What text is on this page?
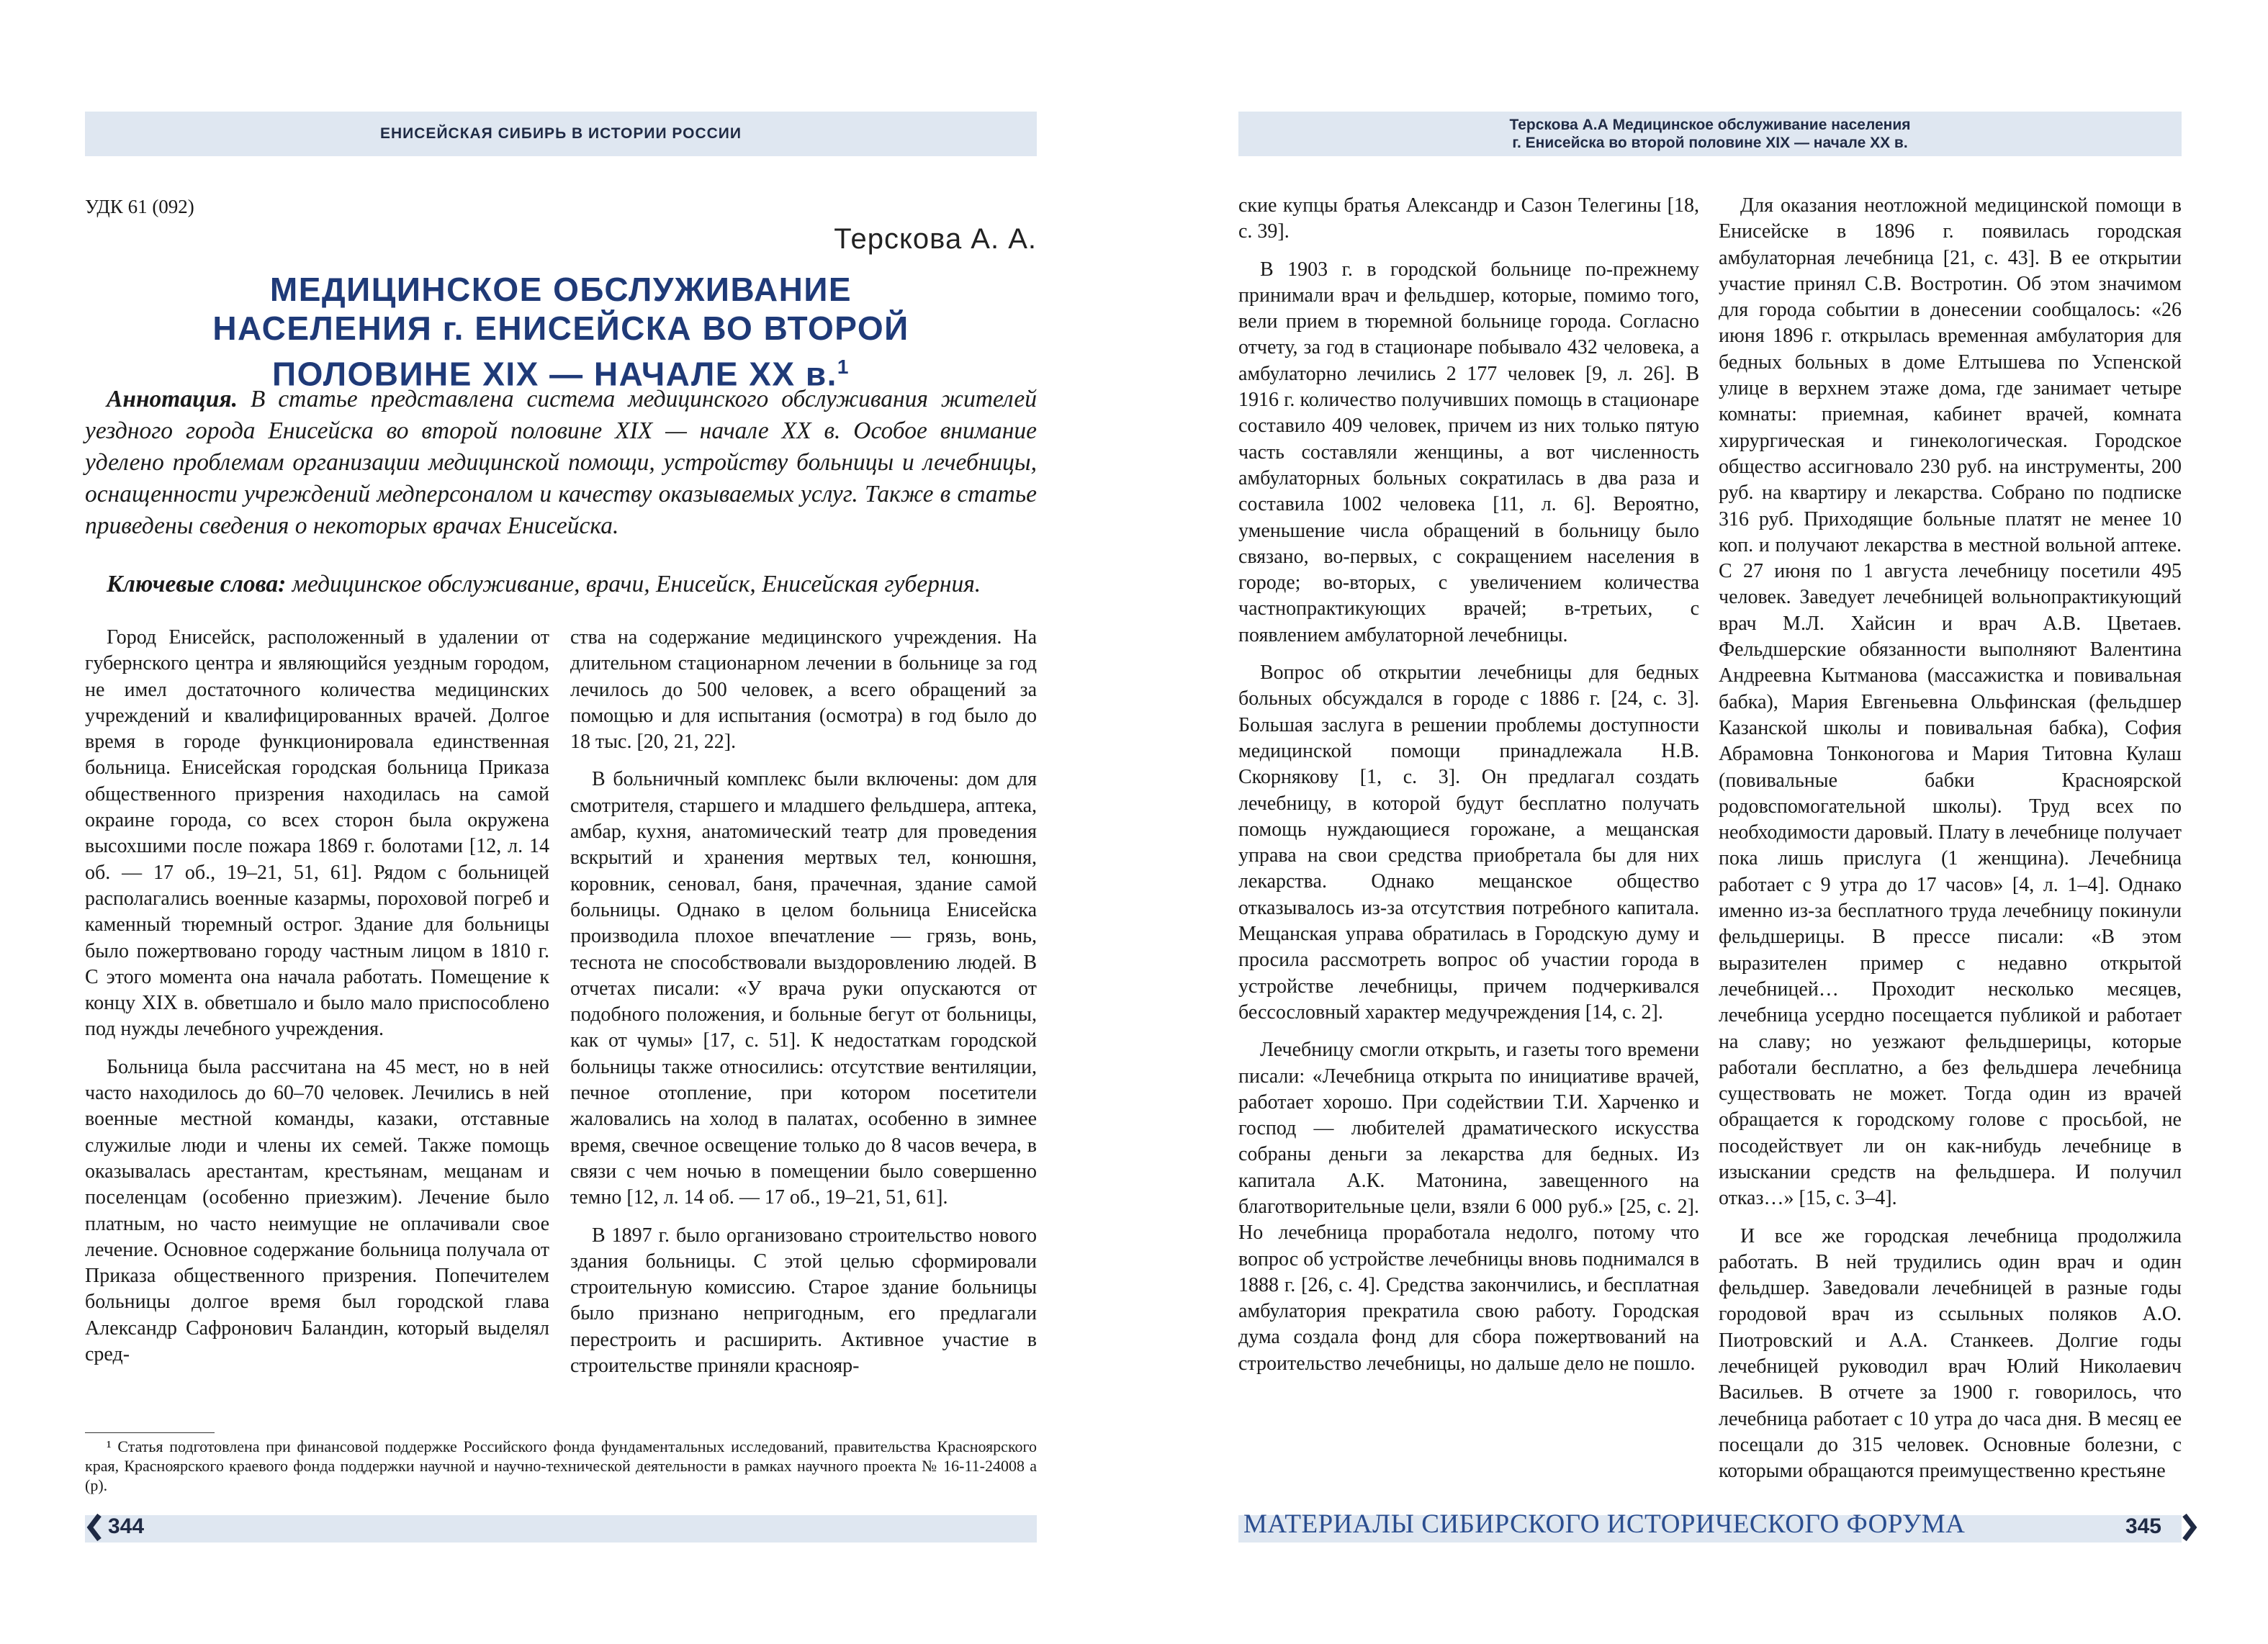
ЕНИСЕЙСКАЯ СИБИРЬ В ИСТОРИИ РОССИИ
УДК 61 (092)
Терскова А. А.
МЕДИЦИНСКОЕ ОБСЛУЖИВАНИЕ
НАСЕЛЕНИЯ г. ЕНИСЕЙСКА ВО ВТОРОЙ
ПОЛОВИНЕ XIX — НАЧАЛЕ XX в.$^1$
Аннотация. В статье представлена система медицинского обслуживания жителей уездного города Енисейска во второй половине XIX — начале XX в. Особое внимание уделено проблемам организации медицинской помощи, устройству больницы и лечебницы, оснащенности учреждений медперсоналом и качеству оказываемых услуг. Также в статье приведены сведения о некоторых врачах Енисейска.
Ключевые слова: медицинское обслуживание, врачи, Енисейск, Енисейская губерния.

Город Енисейск, расположенный в удалении от губернского центра и являющийся уездным городом, не имел достаточного количества медицинских учреждений и квалифицированных врачей. Долгое время в городе функционировала единственная больница. Енисейская городская больница Приказа общественного призрения находилась на самой окраине города, со всех сторон была окружена высохшими после пожара 1869 г. болотами [12, л. 14 об. — 17 об., 19–21, 51, 61]. Рядом с больницей располагались военные казармы, пороховой погреб и каменный тюремный острог. Здание для больницы было пожертвовано городу частным лицом в 1810 г. С этого момента она начала работать. Помещение к концу XIX в. обветшало и было мало приспособлено под нужды лечебного учреждения.

Больница была рассчитана на 45 мест, но в ней часто находилось до 60–70 человек. Лечились в ней военные местной команды, казаки, отставные служилые люди и члены их семей. Также помощь оказывалась арестантам, крестьянам, мещанам и поселенцам (особенно приезжим). Лечение было платным, но часто неимущие не оплачивали свое лечение. Основное содержание больница получала от Приказа общественного призрения. Попечителем больницы долгое время был городской глава Александр Сафронович Баландин, который выделял сред-

ства на содержание медицинского учреждения. На длительном стационарном лечении в больнице за год лечилось до 500 человек, а всего обращений за помощью и для испытания (осмотра) в год было до 18 тыс. [20, 21, 22].

В больничный комплекс были включены: дом для смотрителя, старшего и младшего фельдшера, аптека, амбар, кухня, анатомический театр для проведения вскрытий и хранения мертвых тел, конюшня, коровник, сеновал, баня, прачечная, здание самой больницы. Однако в целом больница Енисейска производила плохое впечатление — грязь, вонь, теснота не способствовали выздоровлению людей. В отчетах писали: «У врача руки опускаются от подобного положения, и больные бегут от больницы, как от чумы» [17, с. 51]. К недостаткам городской больницы также относились: отсутствие вентиляции, печное отопление, при котором посетители жаловались на холод в палатах, особенно в зимнее время, свечное освещение только до 8 часов вечера, в связи с чем ночью в помещении было совершенно темно [12, л. 14 об. — 17 об., 19–21, 51, 61].

В 1897 г. было организовано строительство нового здания больницы. С этой целью сформировали строительную комиссию. Старое здание больницы было признано непригодным, его предлагали перестроить и расширить. Активное участие в строительстве приняли краснояр-

¹ Статья подготовлена при финансовой поддержке Российского фонда фундаментальных исследований, правительства Красноярского края, Красноярского краевого фонда поддержки научной и научно-технической деятельности в рамках научного проекта № 16-11-24008 а (р).
344
Терскова А.А Медицинское обслуживание населения
г. Енисейска во второй половине XIX — начале XX в.

ские купцы братья Александр и Сазон Телегины [18, с. 39].

В 1903 г. в городской больнице по-прежнему принимали врач и фельдшер, которые, помимо того, вели прием в тюремной больнице города. Согласно отчету, за год в стационаре побывало 432 человека, а амбулаторно лечились 2 177 человек [9, л. 26]. В 1916 г. количество получивших помощь в стационаре составило 409 человек, причем из них только пятую часть составляли женщины, а вот численность амбулаторных больных сократилась в два раза и составила 1002 человека [11, л. 6]. Вероятно, уменьшение числа обращений в больницу было связано, во-первых, с сокращением населения в городе; во-вторых, с увеличением количества частнопрактикующих врачей; в-третьих, с появлением амбулаторной лечебницы.

Вопрос об открытии лечебницы для бедных больных обсуждался в городе с 1886 г. [24, с. 3]. Большая заслуга в решении проблемы доступности медицинской помощи принадлежала Н.В. Скорнякову [1, с. 3]. Он предлагал создать лечебницу, в которой будут бесплатно получать помощь нуждающиеся горожане, а мещанская управа на свои средства приобретала бы для них лекарства. Однако мещанское общество отказывалось из-за отсутствия потребного капитала. Мещанская управа обратилась в Городскую думу и просила рассмотреть вопрос об участии города в устройстве лечебницы, причем подчеркивался бессословный характер медучреждения [14, с. 2].

Лечебницу смогли открыть, и газеты того времени писали: «Лечебница открыта по инициативе врачей, работает хорошо. При содействии Т.И. Харченко и господ — любителей драматического искусства собраны деньги за лекарства для бедных. Из капитала А.К. Матонина, завещенного на благотворительные цели, взяли 6 000 руб.» [25, с. 2]. Но лечебница проработала недолго, потому что вопрос об устройстве лечебницы вновь поднимался в 1888 г. [26, с. 4]. Средства закончились, и бесплатная амбулатория прекратила свою работу. Городская дума создала фонд для сбора пожертвований на строительство лечебницы, но дальше дело не пошло.

Для оказания неотложной медицинской помощи в Енисейске в 1896 г. появилась городская амбулаторная лечебница [21, с. 43]. В ее открытии участие принял С.В. Востротин. Об этом значимом для города событии в донесении сообщалось: «26 июня 1896 г. открылась временная амбулатория для бедных больных в доме Елтышева по Успенской улице в верхнем этаже дома, где занимает четыре комнаты: приемная, кабинет врачей, комната хирургическая и гинекологическая. Городское общество ассигновало 230 руб. на инструменты, 200 руб. на квартиру и лекарства. Собрано по подписке 316 руб. Приходящие больные платят не менее 10 коп. и получают лекарства в местной вольной аптеке. С 27 июня по 1 августа лечебницу посетили 495 человек. Заведует лечебницей вольнопрактикующий врач М.Л. Хайсин и врач А.В. Цветаев. Фельдшерские обязанности выполняют Валентина Андреевна Кытманова (массажистка и повивальная бабка), Мария Евгеньевна Ольфинская (фельдшер Казанской школы и повивальная бабка), София Абрамовна Тонконогова и Мария Титовна Кулаш (повивальные бабки Красноярской родовспомогательной школы). Труд всех по необходимости даровый. Плату в лечебнице получает пока лишь прислуга (1 женщина). Лечебница работает с 9 утра до 17 часов» [4, л. 1–4]. Однако именно из-за бесплатного труда лечебницу покинули фельдшерицы. В прессе писали: «В этом выразителен пример с недавно открытой лечебницей… Проходит несколько месяцев, лечебница усердно посещается публикой и работает на славу; но уезжают фельдшерицы, которые работали бесплатно, а без фельдшера лечебница существовать не может. Тогда один из врачей обращается к городскому голове с просьбой, не посодействует ли он как-нибудь лечебнице в изыскании средств на фельдшера. И получил отказ…» [15, с. 3–4].

И все же городская лечебница продолжила работать. В ней трудились один врач и один фельдшер. Заведовали лечебницей в разные годы городовой врач из ссыльных поляков А.О. Пиотровский и А.А. Станкеев. Долгие годы лечебницей руководил врач Юлий Николаевич Васильев. В отчете за 1900 г. говорилось, что лечебница работает с 10 утра до часа дня. В месяц ее посещали до 315 человек. Основные болезни, с которыми обращаются преимущественно крестьяне

МАТЕРИАЛЫ СИБИРСКОГО ИСТОРИЧЕСКОГО ФОРУМА	345
